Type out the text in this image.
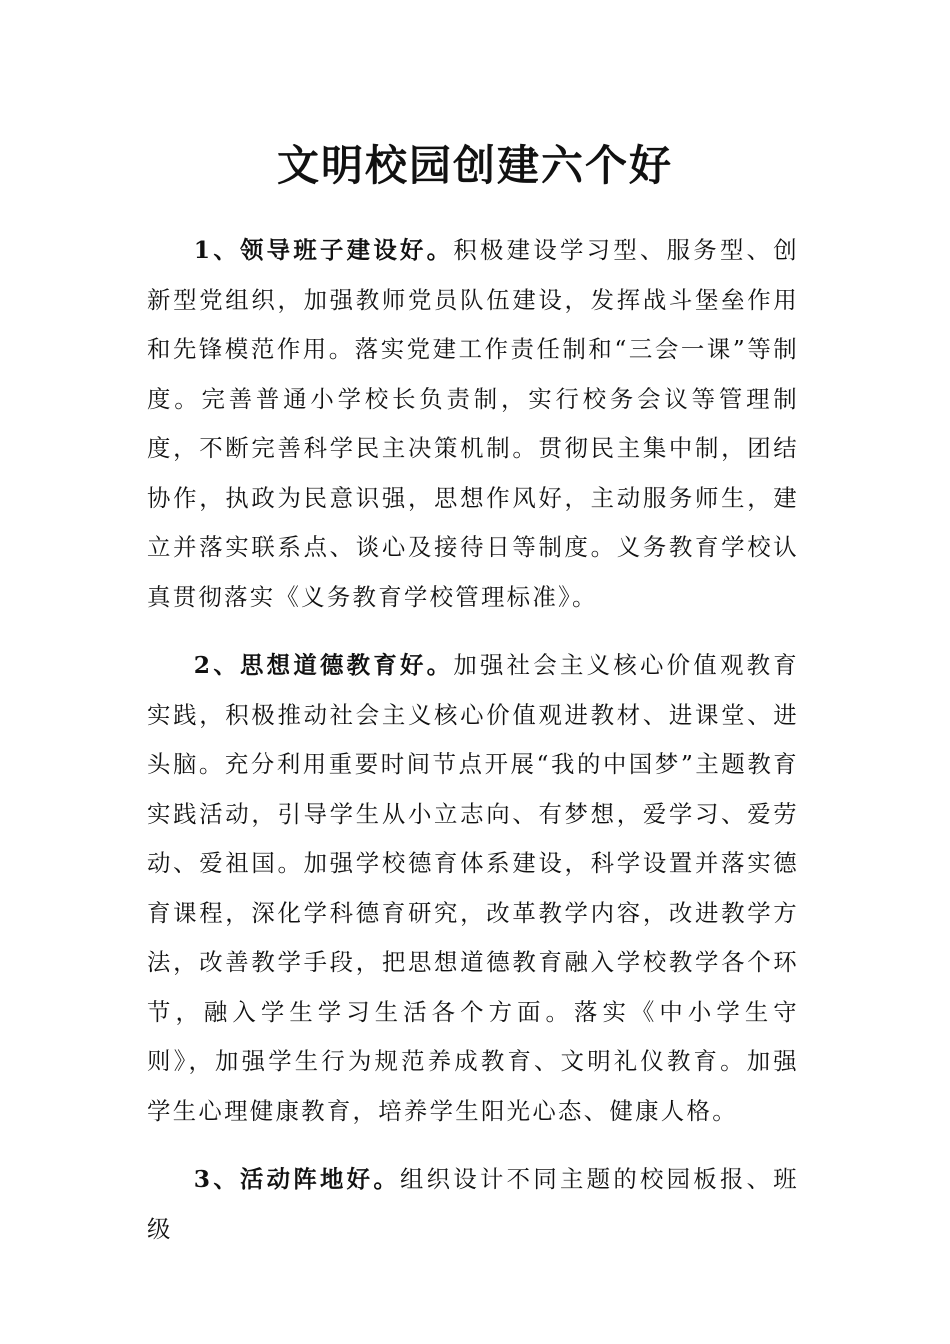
文明校园创建六个好

1、领导班子建设好。积极建设学习型、服务型、创新型党组织，加强教师党员队伍建设，发挥战斗堡垒作用和先锋模范作用。落实党建工作责任制和“三会一课”等制度。完善普通小学校长负责制，实行校务会议等管理制度，不断完善科学民主决策机制。贯彻民主集中制，团结协作，执政为民意识强，思想作风好，主动服务师生，建立并落实联系点、谈心及接待日等制度。义务教育学校认真贯彻落实《义务教育学校管理标准》。

2、思想道德教育好。加强社会主义核心价值观教育实践，积极推动社会主义核心价值观进教材、进课堂、进头脑。充分利用重要时间节点开展“我的中国梦”主题教育实践活动，引导学生从小立志向、有梦想，爱学习、爱劳动、爱祖国。加强学校德育体系建设，科学设置并落实德育课程，深化学科德育研究，改革教学内容，改进教学方法，改善教学手段，把思想道德教育融入学校教学各个环节，融入学生学习生活各个方面。落实《中小学生守则》，加强学生行为规范养成教育、文明礼仪教育。加强学生心理健康教育，培养学生阳光心态、健康人格。

3、活动阵地好。组织设计不同主题的校园板报、班级
